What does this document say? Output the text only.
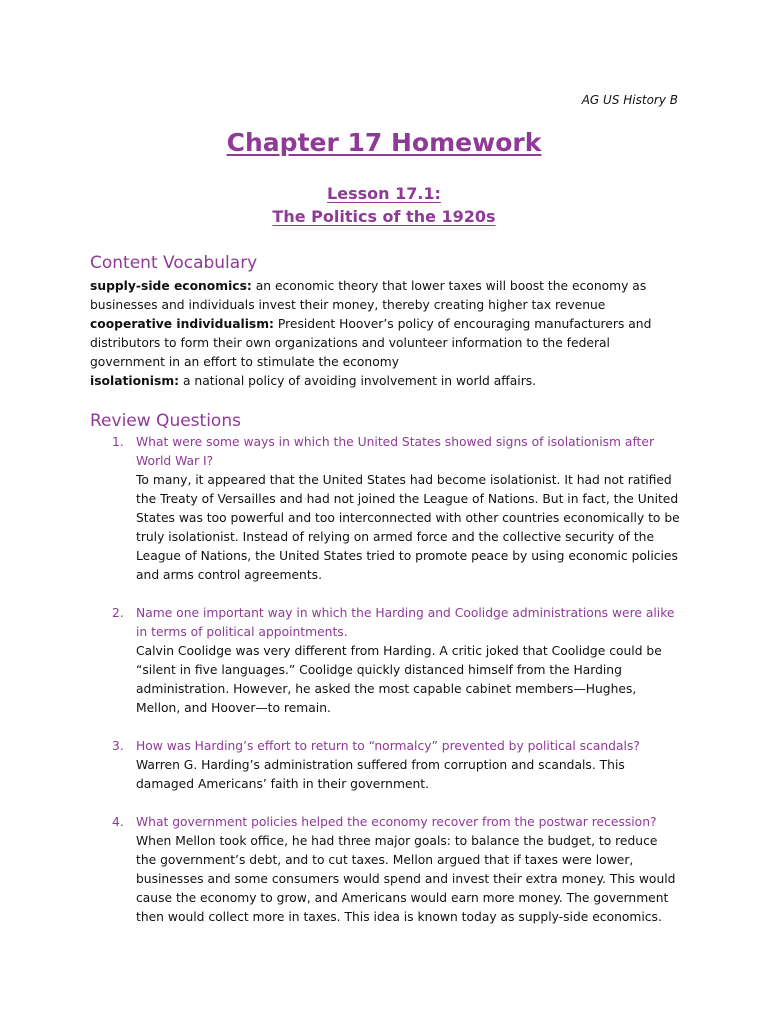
AG US History B
Chapter 17 Homework
Lesson 17.1:
The Politics of the 1920s
Content Vocabulary

supply-side economics: an economic theory that lower taxes will boost the economy as businesses and individuals invest their money, thereby creating higher tax revenue

cooperative individualism: President Hoover’s policy of encouraging manufacturers and distributors to form their own organizations and volunteer information to the federal government in an effort to stimulate the economy

isolationism: a national policy of avoiding involvement in world affairs.

Review Questions
1. What were some ways in which the United States showed signs of isolationism after World War I?
To many, it appeared that the United States had become isolationist. It had not ratified the Treaty of Versailles and had not joined the League of Nations. But in fact, the United States was too powerful and too interconnected with other countries economically to be truly isolationist. Instead of relying on armed force and the collective security of the League of Nations, the United States tried to promote peace by using economic policies and arms control agreements.
2. Name one important way in which the Harding and Coolidge administrations were alike in terms of political appointments.
Calvin Coolidge was very different from Harding. A critic joked that Coolidge could be “silent in five languages.” Coolidge quickly distanced himself from the Harding administration. However, he asked the most capable cabinet members—Hughes, Mellon, and Hoover—to remain.
3. How was Harding’s effort to return to “normalcy” prevented by political scandals?
Warren G. Harding’s administration suffered from corruption and scandals. This damaged Americans’ faith in their government.
4. What government policies helped the economy recover from the postwar recession?
When Mellon took office, he had three major goals: to balance the budget, to reduce the government’s debt, and to cut taxes. Mellon argued that if taxes were lower, businesses and some consumers would spend and invest their extra money. This would cause the economy to grow, and Americans would earn more money. The government then would collect more in taxes. This idea is known today as supply-side economics.
